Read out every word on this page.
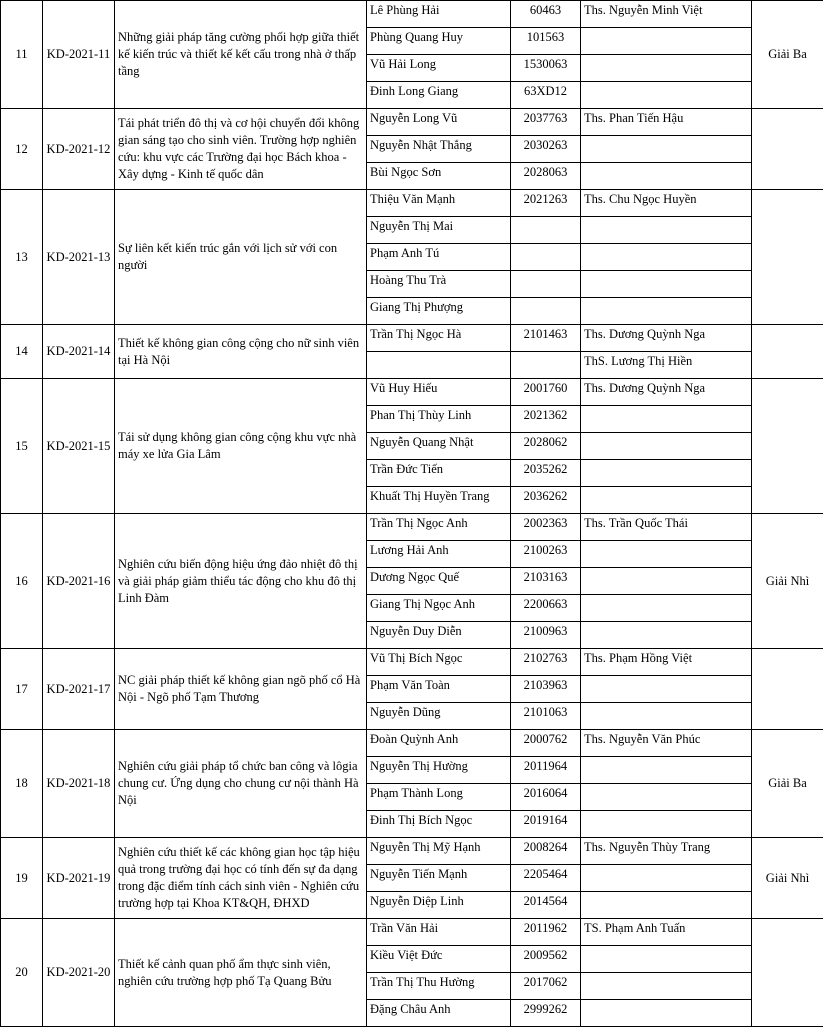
11	KD-2021-11	Những giải pháp tăng cường phối hợp giữa thiết kế kiến trúc và thiết kế kết cấu trong nhà ở thấp tầng	Lê Phùng Hải	60463	Ths. Nguyễn Minh Việt	Giải Ba
			Phùng Quang Huy	101563		
			Vũ Hải Long	1530063		
			Đinh Long Giang	63XD12		
12	KD-2021-12	Tái phát triển đô thị và cơ hội chuyển đổi không gian sáng tạo cho sinh viên. Trường hợp nghiên cứu: khu vực các Trường đại học Bách khoa - Xây dựng - Kinh tế quốc dân	Nguyễn Long Vũ	2037763	Ths. Phan Tiến Hậu	
			Nguyễn Nhật Thắng	2030263		
			Bùi Ngọc Sơn	2028063		
13	KD-2021-13	Sự liên kết kiến trúc gắn với lịch sử với con người	Thiệu Văn Mạnh	2021263	Ths. Chu Ngọc Huyền	
			Nguyễn Thị Mai			
			Phạm Anh Tú			
			Hoàng Thu Trà			
			Giang Thị Phượng			
14	KD-2021-14	Thiết kế không gian công cộng cho nữ sinh viên tại Hà Nội	Trần Thị Ngọc Hà	2101463	Ths. Dương Quỳnh Nga	
					ThS. Lương Thị Hiền	
15	KD-2021-15	Tái sử dụng không gian công cộng khu vực nhà máy xe lửa Gia Lâm	Vũ Huy Hiếu	2001760	Ths. Dương Quỳnh Nga	
			Phan Thị Thùy Linh	2021362		
			Nguyễn Quang Nhật	2028062		
			Trần Đức Tiến	2035262		
			Khuất Thị Huyền Trang	2036262		
16	KD-2021-16	Nghiên cứu biến động hiệu ứng đảo nhiệt đô thị và giải pháp giảm thiểu tác động cho khu đô thị Linh Đàm	Trần Thị Ngọc Anh	2002363	Ths. Trần Quốc Thái	Giải Nhì
			Lương Hải Anh	2100263		
			Dương Ngọc Quế	2103163		
			Giang Thị Ngọc Anh	2200663		
			Nguyễn Duy Diễn	2100963		
17	KD-2021-17	NC giải pháp thiết kế không gian ngõ phố cổ Hà Nội - Ngõ phố Tạm Thương	Vũ Thị Bích Ngọc	2102763	Ths. Phạm Hồng Việt	
			Phạm Văn Toàn	2103963		
			Nguyễn Dũng	2101063		
18	KD-2021-18	Nghiên cứu giải pháp tổ chức ban công và lôgia chung cư. Ứng dụng cho chung cư nội thành Hà Nội	Đoàn Quỳnh Anh	2000762	Ths. Nguyễn Văn Phúc	Giải Ba
			Nguyễn Thị Hường	2011964		
			Phạm Thành Long	2016064		
			Đinh Thị Bích Ngọc	2019164		
19	KD-2021-19	Nghiên cứu thiết kế các không gian học tập hiệu quả trong trường đại học có tính đến sự đa dạng trong đặc điểm tính cách sinh viên - Nghiên cứu trường hợp tại Khoa KT&QH, ĐHXD	Nguyễn Thị Mỹ Hạnh	2008264	Ths. Nguyễn Thùy Trang	Giải Nhì
			Nguyễn Tiến Mạnh	2205464		
			Nguyễn Diệp Linh	2014564		
20	KD-2021-20	Thiết kế cảnh quan phố ẩm thực sinh viên, nghiên cứu trường hợp phố Tạ Quang Bửu	Trần Văn Hải	2011962	TS. Phạm Anh Tuấn	
			Kiều Việt Đức	2009562		
			Trần Thị Thu Hường	2017062		
			Đặng Châu Anh	2999262		
